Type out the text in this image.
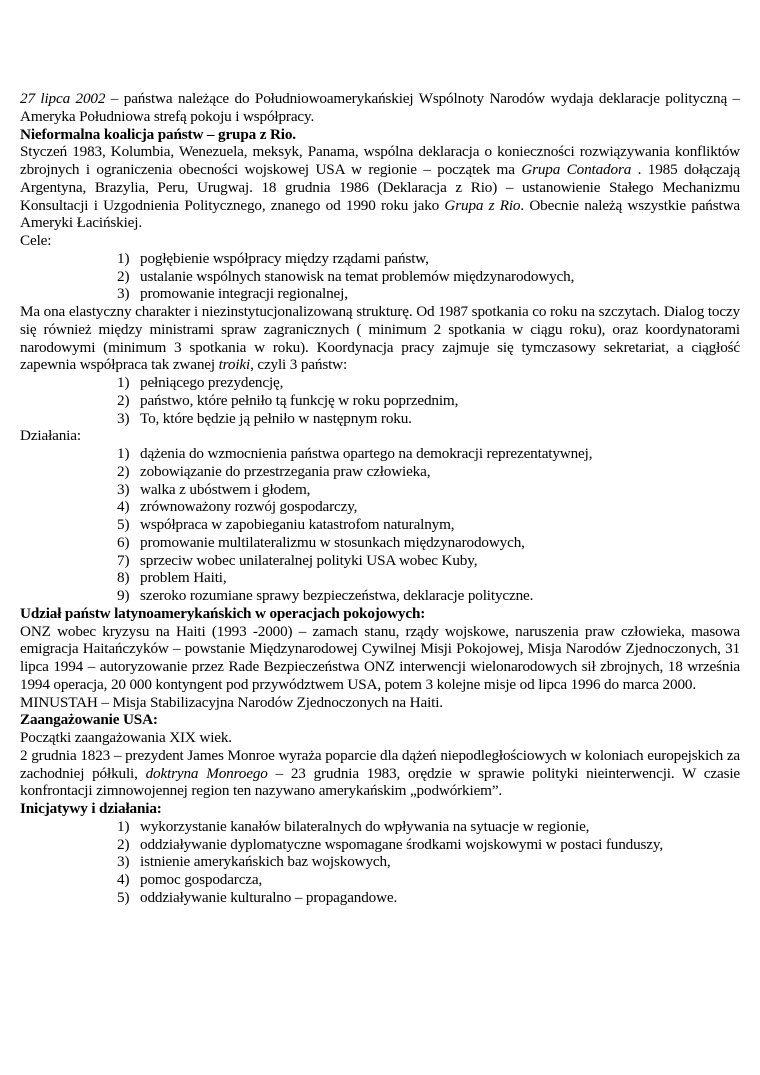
27 lipca 2002 – państwa należące do Południowoamerykańskiej Wspólnoty Narodów wydaja deklaracje polityczną – Ameryka Południowa strefą pokoju i współpracy.

Nieformalna koalicja państw – grupa z Rio.

Styczeń 1983, Kolumbia, Wenezuela, meksyk, Panama, wspólna deklaracja o konieczności rozwiązywania konfliktów zbrojnych i ograniczenia obecności wojskowej USA w regionie – początek ma Grupa Contadora . 1985 dołączają Argentyna, Brazylia, Peru, Urugwaj. 18 grudnia 1986 (Deklaracja z Rio) – ustanowienie Stałego Mechanizmu Konsultacji i Uzgodnienia Politycznego, znanego od 1990 roku jako Grupa z Rio. Obecnie należą wszystkie państwa Ameryki Łacińskiej.

Cele:

1) pogłębienie współpracy między rządami państw,
2) ustalanie wspólnych stanowisk na temat problemów międzynarodowych,
3) promowanie integracji regionalnej,

Ma ona elastyczny charakter i niezinstytucjonalizowaną strukturę. Od 1987 spotkania co roku na szczytach. Dialog toczy się również między ministrami spraw zagranicznych ( minimum 2 spotkania w ciągu roku), oraz koordynatorami narodowymi (minimum 3 spotkania w roku). Koordynacja pracy zajmuje się tymczasowy sekretariat, a ciągłość zapewnia współpraca tak zwanej troiki, czyli 3 państw:

1) pełniącego prezydencję,
2) państwo, które pełniło tą funkcję w roku poprzednim,
3) To, które będzie ją pełniło w następnym roku.

Działania:

1) dążenia do wzmocnienia państwa opartego na demokracji reprezentatywnej,
2) zobowiązanie do przestrzegania praw człowieka,
3) walka z ubóstwem i głodem,
4) zrównoważony rozwój gospodarczy,
5) współpraca w zapobieganiu katastrofom naturalnym,
6) promowanie multilateralizmu w stosunkach międzynarodowych,
7) sprzeciw wobec unilateralnej polityki USA wobec Kuby,
8) problem Haiti,
9) szeroko rozumiane sprawy bezpieczeństwa, deklaracje polityczne.
Udział państw latynoamerykańskich w operacjach pokojowych:

ONZ wobec kryzysu na Haiti (1993 -2000) – zamach stanu, rządy wojskowe, naruszenia praw człowieka, masowa emigracja Haitańczyków – powstanie Międzynarodowej Cywilnej Misji Pokojowej, Misja Narodów Zjednoczonych, 31 lipca 1994 – autoryzowanie przez Rade Bezpieczeństwa ONZ interwencji wielonarodowych sił zbrojnych, 18 września 1994 operacja, 20 000 kontyngent pod przywództwem USA, potem 3 kolejne misje od lipca 1996 do marca 2000.

MINUSTAH – Misja Stabilizacyjna Narodów Zjednoczonych na Haiti.

Zaangażowanie USA:

Początki zaangażowania XIX wiek.

2 grudnia 1823 – prezydent James Monroe wyraża poparcie dla dążeń niepodległościowych w koloniach europejskich za zachodniej półkuli, doktryna Monroego – 23 grudnia 1983, orędzie w sprawie polityki nieinterwencji. W czasie konfrontacji zimnowojennej region ten nazywano amerykańskim „podwórkiem”.

Inicjatywy i działania:
1) wykorzystanie kanałów bilateralnych do wpływania na sytuacje w regionie,
2) oddziaływanie dyplomatyczne wspomagane środkami wojskowymi w postaci funduszy,
3) istnienie amerykańskich baz wojskowych,
4) pomoc gospodarcza,
5) oddziaływanie kulturalno – propagandowe.
